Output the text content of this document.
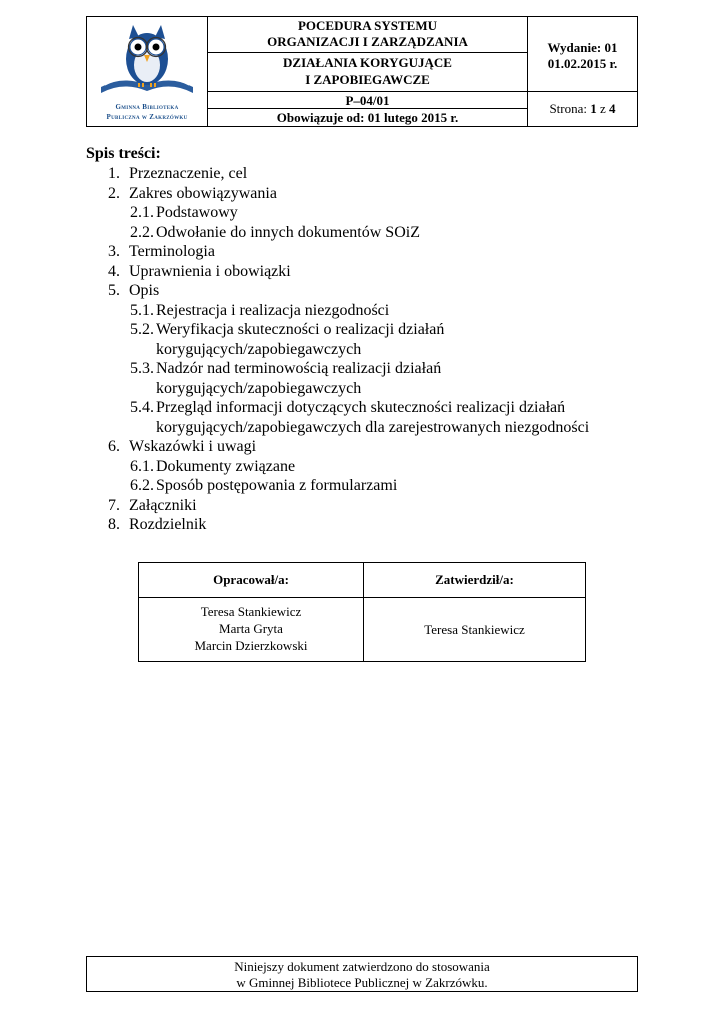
Gminna Biblioteka
Publiczna w Zakrzówku
POCEDURA SYSTEMU
ORGANIZACJI I ZARZĄDZANIA
DZIAŁANIA KORYGUJĄCE
I ZAPOBIEGAWCZE
P–04/01
Obowiązuje od: 01 lutego 2015 r.
Wydanie: 01
01.02.2015 r.
Strona: 1 z 4
Spis treści:
1. Przeznaczenie, cel
2. Zakres obowiązywania
2.1. Podstawowy
2.2. Odwołanie do innych dokumentów SOiZ
3. Terminologia
4. Uprawnienia i obowiązki
5. Opis
5.1. Rejestracja i realizacja niezgodności
5.2. Weryfikacja skuteczności o realizacji działań
korygujących/zapobiegawczych
5.3. Nadzór nad terminowością realizacji działań
korygujących/zapobiegawczych
5.4. Przegląd informacji dotyczących skuteczności realizacji działań
korygujących/zapobiegawczych dla zarejestrowanych niezgodności
6. Wskazówki i uwagi
6.1. Dokumenty związane
6.2. Sposób postępowania z formularzami
7. Załączniki
8. Rozdzielnik
Opracował/a:
Teresa Stankiewicz
Marta Gryta
Marcin Dzierzkowski
Zatwierdził/a:
Teresa Stankiewicz
Niniejszy dokument zatwierdzono do stosowania
w Gminnej Bibliotece Publicznej w Zakrzówku.
